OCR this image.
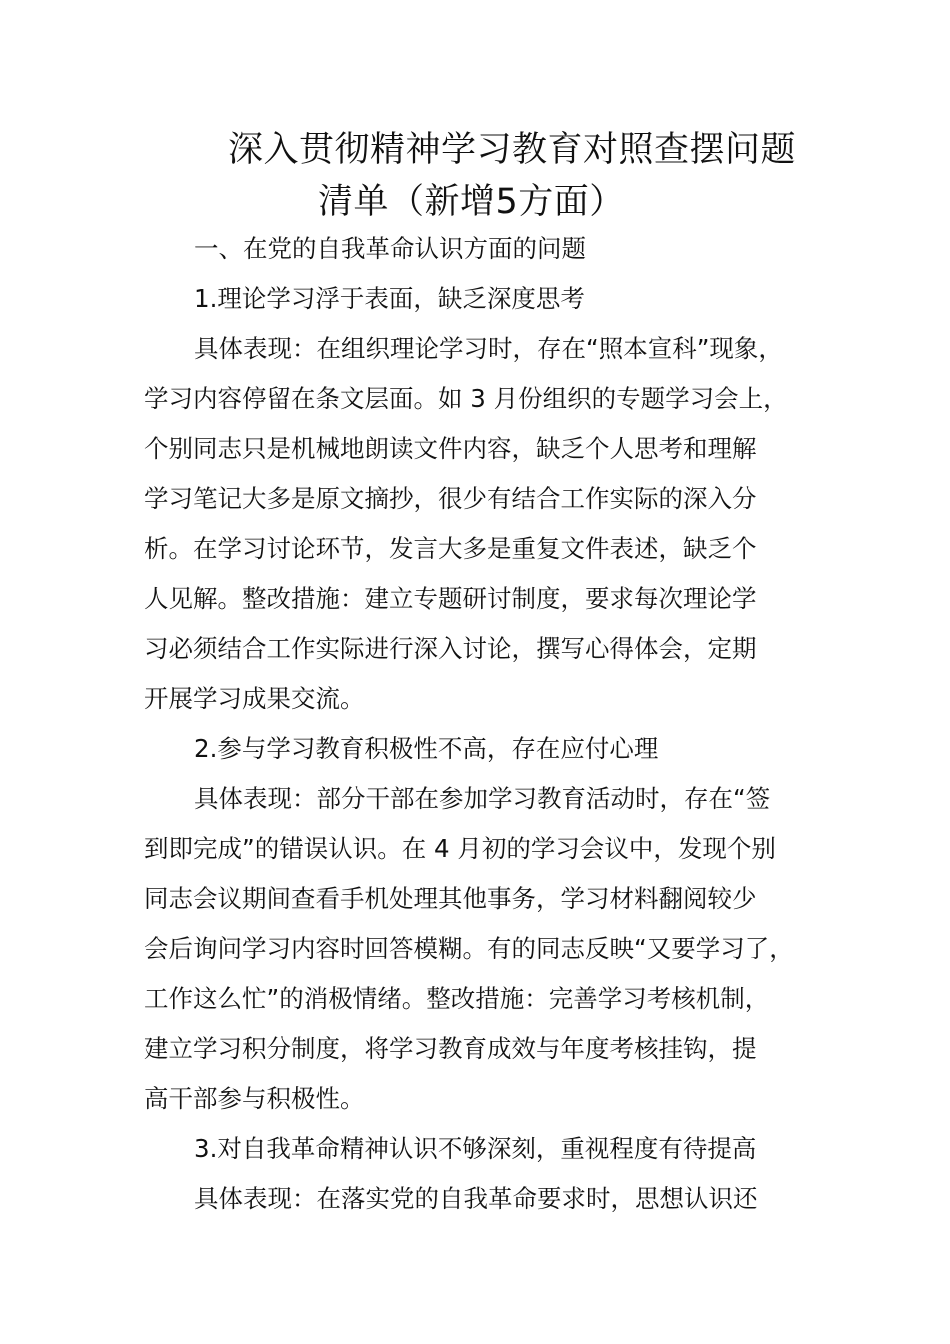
深入贯彻精神学习教育对照查摆问题
清单（新增5方面）
一、在党的自我革命认识方面的问题
1.理论学习浮于表面，缺乏深度思考
具体表现：在组织理论学习时，存在“照本宣科”现象，
学习内容停留在条文层面。如 3 月份组织的专题学习会上，
个别同志只是机械地朗读文件内容，缺乏个人思考和理解
学习笔记大多是原文摘抄，很少有结合工作实际的深入分
析。在学习讨论环节，发言大多是重复文件表述，缺乏个
人见解。整改措施：建立专题研讨制度，要求每次理论学
习必须结合工作实际进行深入讨论，撰写心得体会，定期
开展学习成果交流。
2.参与学习教育积极性不高，存在应付心理
具体表现：部分干部在参加学习教育活动时，存在“签
到即完成”的错误认识。在 4 月初的学习会议中，发现个别
同志会议期间查看手机处理其他事务，学习材料翻阅较少
会后询问学习内容时回答模糊。有的同志反映“又要学习了，
工作这么忙”的消极情绪。整改措施：完善学习考核机制，
建立学习积分制度，将学习教育成效与年度考核挂钩，提
高干部参与积极性。
3.对自我革命精神认识不够深刻，重视程度有待提高
具体表现：在落实党的自我革命要求时，思想认识还
